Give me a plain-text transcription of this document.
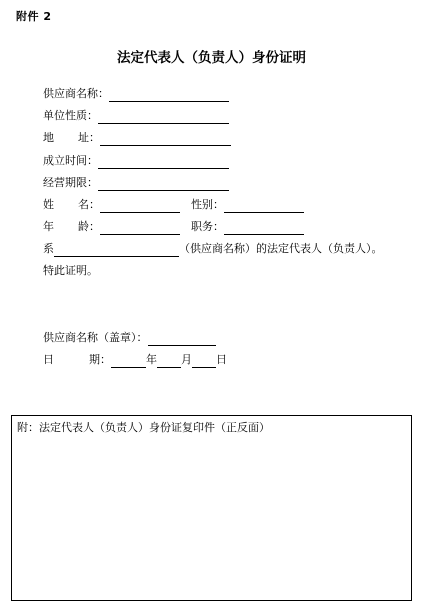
附件 2
法定代表人（负责人）身份证明
供应商名称：
单位性质：
地 址：
成立时间：
经营期限：
姓 名：	性别：
年 龄：	职务：
系	（供应商名称）的法定代表人（负责人）。
特此证明。
供应商名称（盖章）：
日	期：	年 月 日
附：法定代表人（负责人）身份证复印件（正反面）
